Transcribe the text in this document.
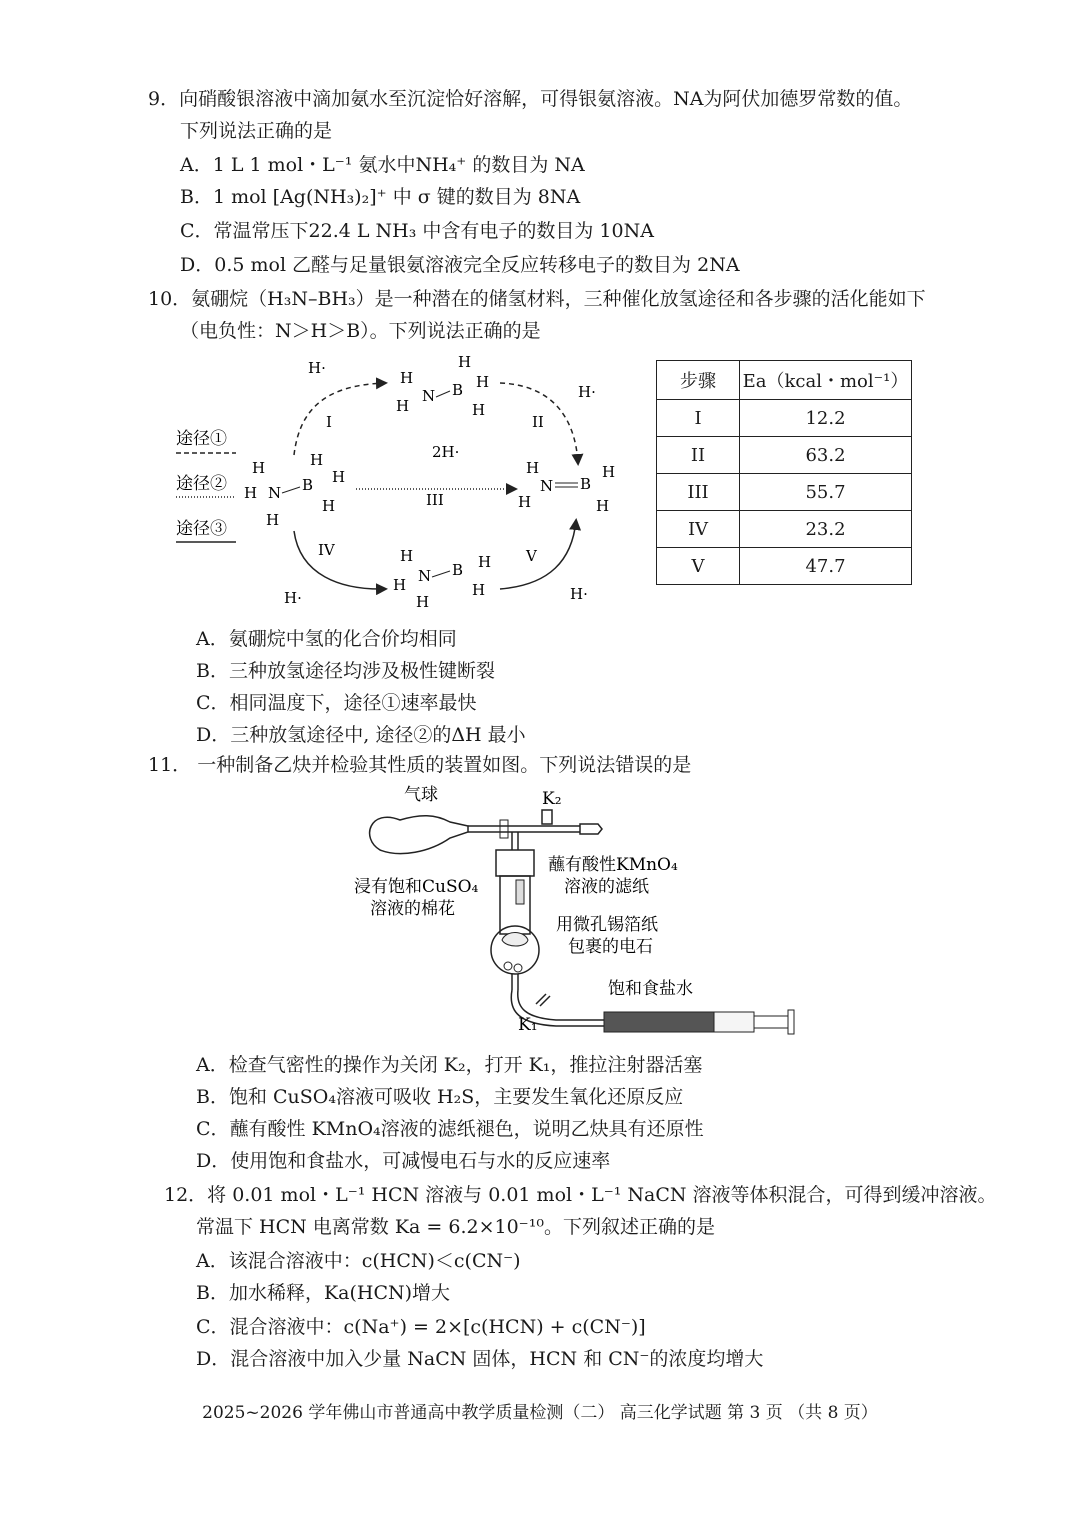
9．向硝酸银溶液中滴加氨水至沉淀恰好溶解，可得银氨溶液。NA为阿伏加德罗常数的值。
下列说法正确的是
A．1 L 1 mol・L⁻¹ 氨水中NH₄⁺ 的数目为 NA
B．1 mol [Ag(NH₃)₂]⁺ 中 σ 键的数目为 8NA
C．常温常压下22.4 L NH₃ 中含有电子的数目为 10NA
D．0.5 mol 乙醛与足量银氨溶液完全反应转移电子的数目为 2NA
10．氨硼烷（H₃N–BH₃）是一种潜在的储氢材料，三种催化放氢途径和各步骤的活化能如下
（电负性：N＞H＞B）。下列说法正确的是
途径①
途径②
途径③
H
H N
H
B
H
H
H
H
H	H
N B
H	H
H
N B
H
H	H
H
H N B H
H
H
H·
H·
I	II
2H·
III
IV	V
H·	H·
步骤	Ea（kcal・mol⁻¹）
I	12.2
II	63.2
III	55.7
IV	23.2
V	47.7
A．氨硼烷中氢的化合价均相同
B．三种放氢途径均涉及极性键断裂
C．相同温度下，途径①速率最快
D．三种放氢途径中, 途径②的ΔH 最小
11． 一种制备乙炔并检验其性质的装置如图。下列说法错误的是
气球	K₂
K₁
饱和食盐水
蘸有酸性KMnO₄
溶液的滤纸
浸有饱和CuSO₄
溶液的棉花
用微孔锡箔纸
包裹的电石
A．检查气密性的操作为关闭 K₂，打开 K₁，推拉注射器活塞
B．饱和 CuSO₄溶液可吸收 H₂S，主要发生氧化还原反应
C．蘸有酸性 KMnO₄溶液的滤纸褪色，说明乙炔具有还原性
D．使用饱和食盐水，可减慢电石与水的反应速率
12．将 0.01 mol・L⁻¹ HCN 溶液与 0.01 mol・L⁻¹ NaCN 溶液等体积混合，可得到缓冲溶液。
常温下 HCN 电离常数 Ka = 6.2×10⁻¹⁰。下列叙述正确的是
A．该混合溶液中：c(HCN)＜c(CN⁻)
B．加水稀释，Ka(HCN)增大
C．混合溶液中：c(Na⁺) = 2×[c(HCN) + c(CN⁻)]
D．混合溶液中加入少量 NaCN 固体，HCN 和 CN⁻的浓度均增大
2025~2026 学年佛山市普通高中教学质量检测（二） 高三化学试题 第 3 页 （共 8 页）
